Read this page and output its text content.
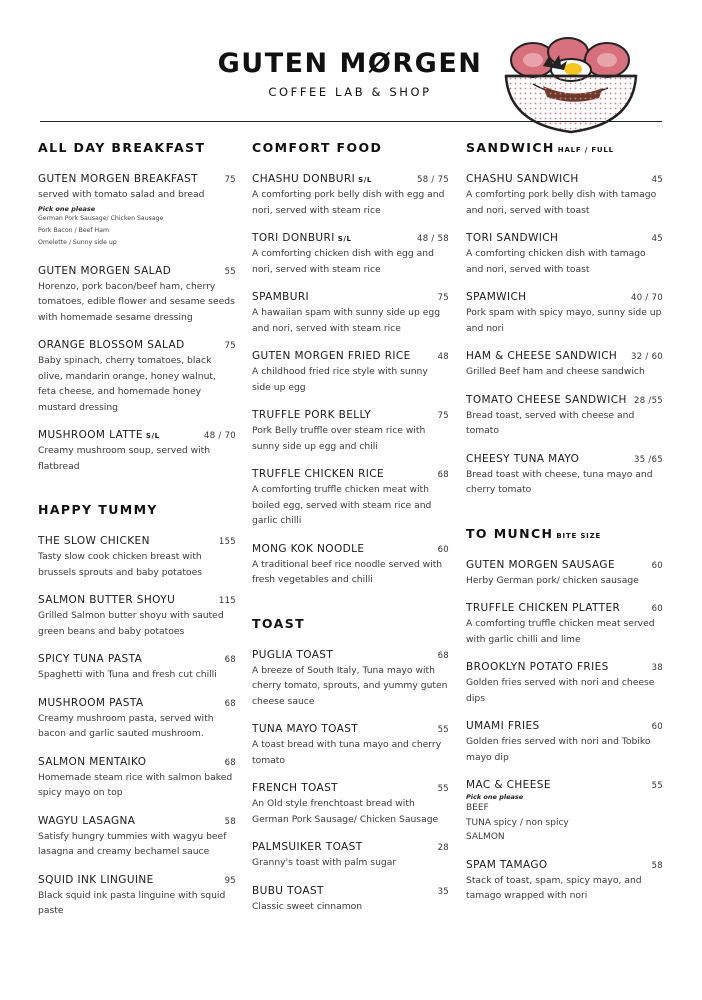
GUTEN MØRGEN
COFFEE LAB & SHOP
ALL DAY BREAKFAST
GUTEN MORGEN BREAKFAST	75
served with tomato salad and bread
Pick one please
German Pork Sausage/ Chicken Sausage
Pork Bacon / Beef Ham
Omelette / Sunny side up
GUTEN MORGEN SALAD	55
Horenzo, pork bacon/beef ham, cherry tomatoes, edible flower and sesame seeds with homemade sesame dressing
ORANGE BLOSSOM SALAD	75
Baby spinach, cherry tomatoes, black olive, mandarin orange, honey walnut, feta cheese, and homemade honey mustard dressing
MUSHROOM LATTE S/L	48 / 70
Creamy mushroom soup, served with flatbread
HAPPY TUMMY
THE SLOW CHICKEN	155
Tasty slow cook chicken breast with brussels sprouts and baby potatoes
SALMON BUTTER SHOYU	115
Grilled Salmon butter shoyu with sauted green beans and baby potatoes
SPICY TUNA PASTA	68
Spaghetti with Tuna and fresh cut chilli
MUSHROOM PASTA	68
Creamy mushroom pasta, served with bacon and garlic sauted mushroom.
SALMON MENTAIKO	68
Homemade steam rice with salmon baked spicy mayo on top
WAGYU LASAGNA	58
Satisfy hungry tummies with wagyu beef lasagna and creamy bechamel sauce
SQUID INK LINGUINE	95
Black squid ink pasta linguine with squid paste
COMFORT FOOD
CHASHU DONBURI S/L	58 / 75
A comforting pork belly dish with egg and nori, served with steam rice
TORI DONBURI S/L	48 / 58
A comforting chicken dish with egg and nori, served with steam rice
SPAMBURI	75
A hawaiian spam with sunny side up egg and nori, served with steam rice
GUTEN MORGEN FRIED RICE	48
A childhood fried rice style with sunny side up egg
TRUFFLE PORK BELLY	75
Pork Belly truffle over steam rice with sunny side up egg and chili
TRUFFLE CHICKEN RICE	68
A comforting truffle chicken meat with boiled egg, served with steam rice and garlic chilli
MONG KOK NOODLE	60
A traditional beef rice noodle served with fresh vegetables and chilli
TOAST
PUGLIA TOAST	68
A breeze of South Italy, Tuna mayo with cherry tomato, sprouts, and yummy guten cheese sauce
TUNA MAYO TOAST	55
A toast bread with tuna mayo and cherry tomato
FRENCH TOAST	55
An Old style frenchtoast bread with German Pork Sausage/ Chicken Sausage
PALMSUIKER TOAST	28
Granny's toast with palm sugar
BUBU TOAST	35
Classic sweet cinnamon
SANDWICH HALF / FULL
CHASHU SANDWICH	45
A comforting pork belly dish with tamago and nori, served with toast
TORI SANDWICH	45
A comforting chicken dish with tamago and nori, served with toast
SPAMWICH	40 / 70
Pork spam with spicy mayo, sunny side up and nori
HAM & CHEESE SANDWICH 32 / 60
Grilled Beef ham and cheese sandwich
TOMATO CHEESE SANDWICH 28 /55
Bread toast, served with cheese and tomato
CHEESY TUNA MAYO	35 /65
Bread toast with cheese, tuna mayo and cherry tomato
TO MUNCH BITE SIZE
GUTEN MORGEN SAUSAGE	60
Herby German pork/ chicken sausage
TRUFFLE CHICKEN PLATTER	60
A comforting truffle chicken meat served with garlic chilli and lime
BROOKLYN POTATO FRIES	38
Golden fries served with nori and cheese dips
UMAMI FRIES	60
Golden fries served with nori and Tobiko mayo dip
MAC & CHEESE	55
Pick one please
BEEF
TUNA spicy / non spicy
SALMON
SPAM TAMAGO	58
Stack of toast, spam, spicy mayo, and tamago wrapped with nori
